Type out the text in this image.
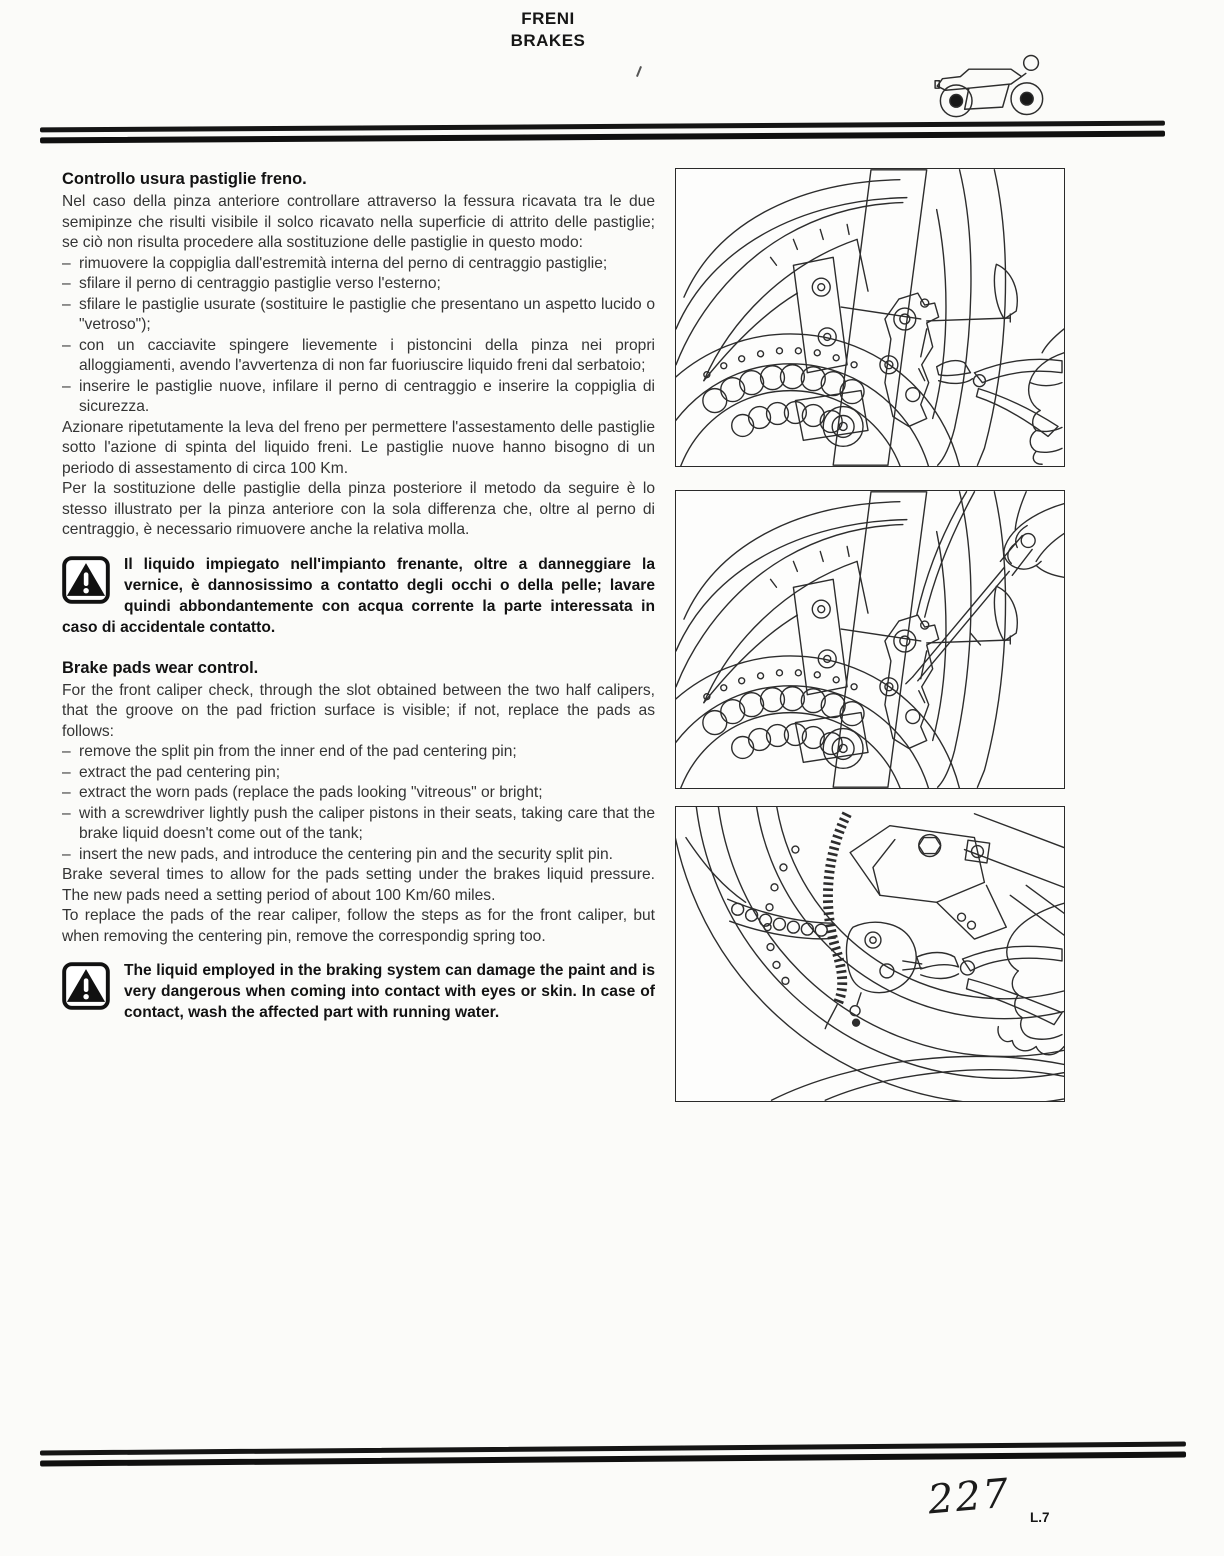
FRENI
BRAKES

Controllo usura pastiglie freno.

Nel caso della pinza anteriore controllare attraverso la fessura ricavata tra le due semipinze che risulti visibile il solco ricavato nella superficie di attrito delle pastiglie; se ciò non risulta procedere alla sostituzione delle pastiglie in questo modo:

– rimuovere la coppiglia dall'estremità interna del perno di centraggio pastiglie;
– sfilare il perno di centraggio pastiglie verso l'esterno;
– sfilare le pastiglie usurate (sostituire le pastiglie che presentano un aspetto lucido o "vetroso");
– con un cacciavite spingere lievemente i pistoncini della pinza nei propri alloggiamenti, avendo l'avvertenza di non far fuoriuscire liquido freni dal serbatoio;
– inserire le pastiglie nuove, infilare il perno di centraggio e inserire la coppiglia di sicurezza.

Azionare ripetutamente la leva del freno per permettere l'assestamento delle pastiglie sotto l'azione di spinta del liquido freni. Le pastiglie nuove hanno bisogno di un periodo di assestamento di circa 100 Km.

Per la sostituzione delle pastiglie della pinza posteriore il metodo da seguire è lo stesso illustrato per la pinza anteriore con la sola differenza che, oltre al perno di centraggio, è necessario rimuovere anche la relativa molla.

Il liquido impiegato nell'impianto frenante, oltre a danneggiare la vernice, è dannosissimo a contatto degli occhi o della pelle; lavare quindi abbondantemente con acqua corrente la parte interessata in caso di accidentale contatto.

Brake pads wear control.

For the front caliper check, through the slot obtained between the two half calipers, that the groove on the pad friction surface is visible; if not, replace the pads as follows:

– remove the split pin from the inner end of the pad centering pin;
– extract the pad centering pin;
– extract the worn pads (replace the pads looking "vitreous" or bright;
– with a screwdriver lightly push the caliper pistons in their seats, taking care that the brake liquid doesn't come out of the tank;
– insert the new pads, and introduce the centering pin and the security split pin.

Brake several times to allow for the pads setting under the brakes liquid pressure. The new pads need a setting period of about 100 Km/60 miles.

To replace the pads of the rear caliper, follow the steps as for the front caliper, but when removing the centering pin, remove the correspondig spring too.

The liquid employed in the braking system can damage the paint and is very dangerous when coming into contact with eyes or skin. In case of contact, wash the affected part with running water.
227 L.7
